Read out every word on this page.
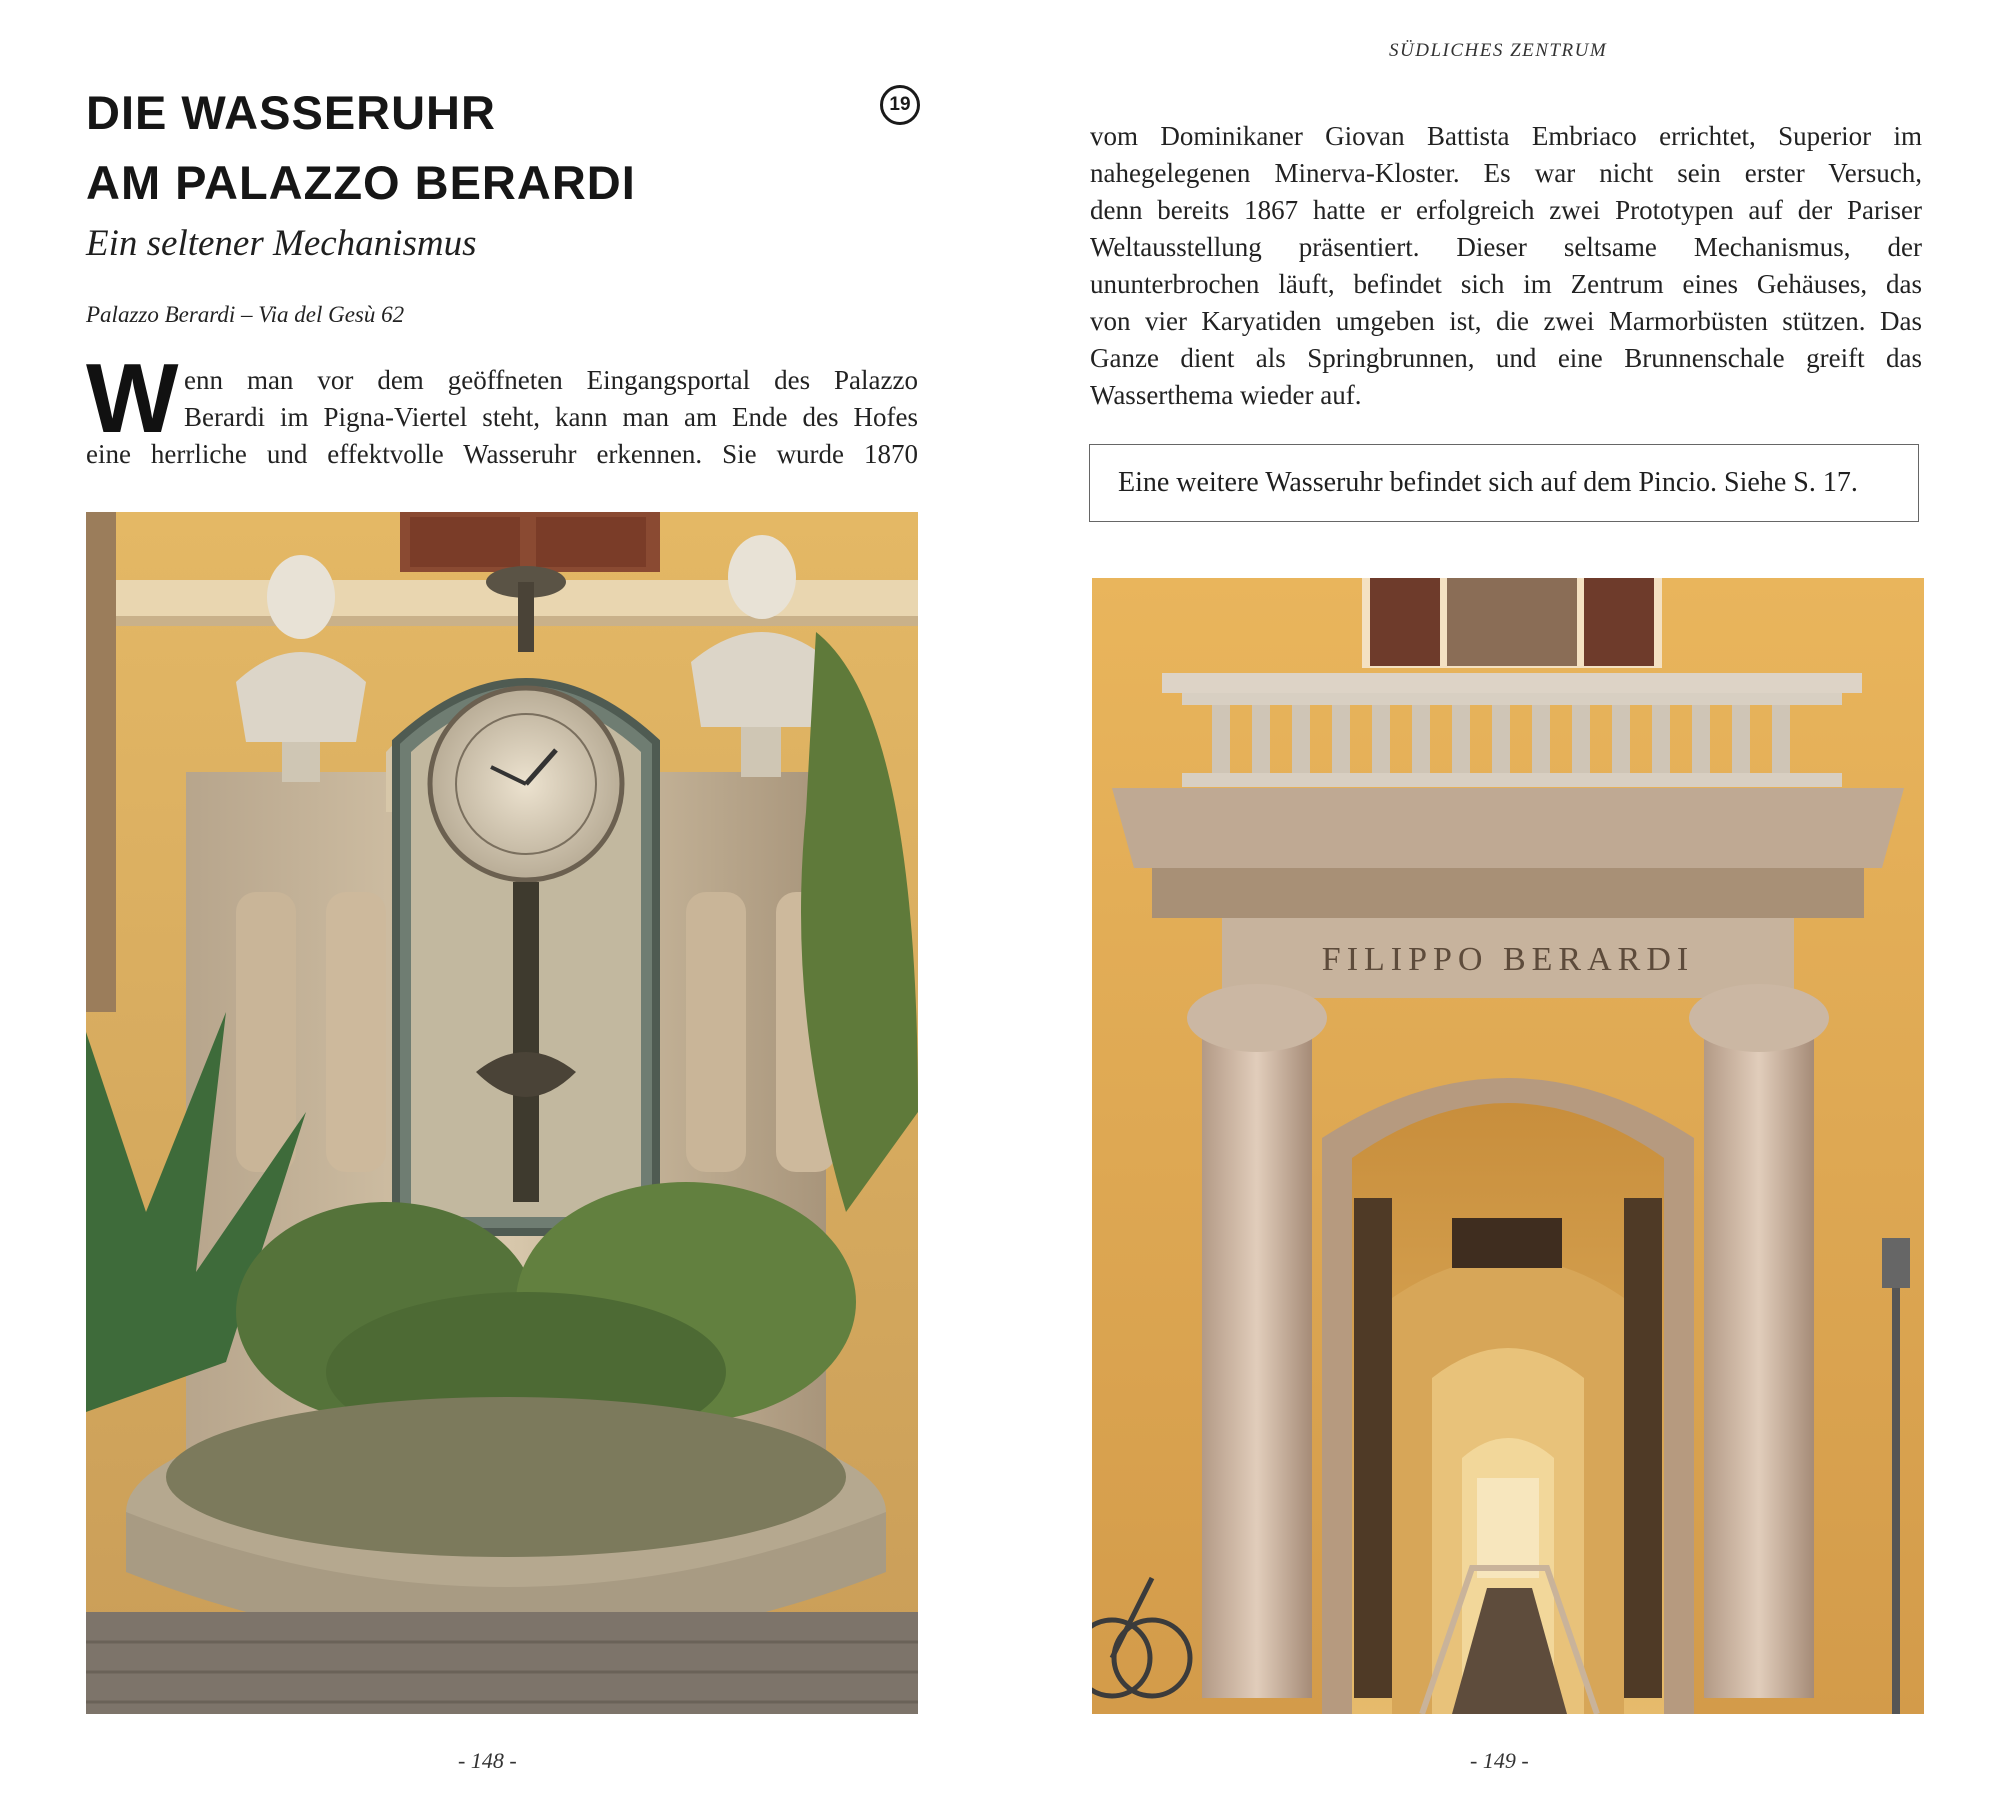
SÜDLICHES ZENTRUM
DIE WASSERUHR
AM PALAZZO BERARDI
19
Ein seltener Mechanismus
Palazzo Berardi – Via del Gesù 62
W enn man vor dem geöffneten Eingangsportal des Palazzo
Berardi im Pigna-Viertel steht, kann man am Ende des Hofes
eine herrliche und effektvolle Wasseruhr erkennen. Sie wurde 1870
vom Dominikaner Giovan Battista Embriaco errichtet, Superior im
nahegelegenen Minerva-Kloster. Es war nicht sein erster Versuch,
denn bereits 1867 hatte er erfolgreich zwei Prototypen auf der Pariser
Weltausstellung präsentiert. Dieser seltsame Mechanismus, der
ununterbrochen läuft, befindet sich im Zentrum eines Gehäuses, das
von vier Karyatiden umgeben ist, die zwei Marmorbüsten stützen. Das
Ganze dient als Springbrunnen, und eine Brunnenschale greift das
Wasserthema wieder auf.
Eine weitere Wasseruhr befindet sich auf dem Pincio. Siehe S. 17.
FILIPPO BERARDI
- 148 -	- 149 -
